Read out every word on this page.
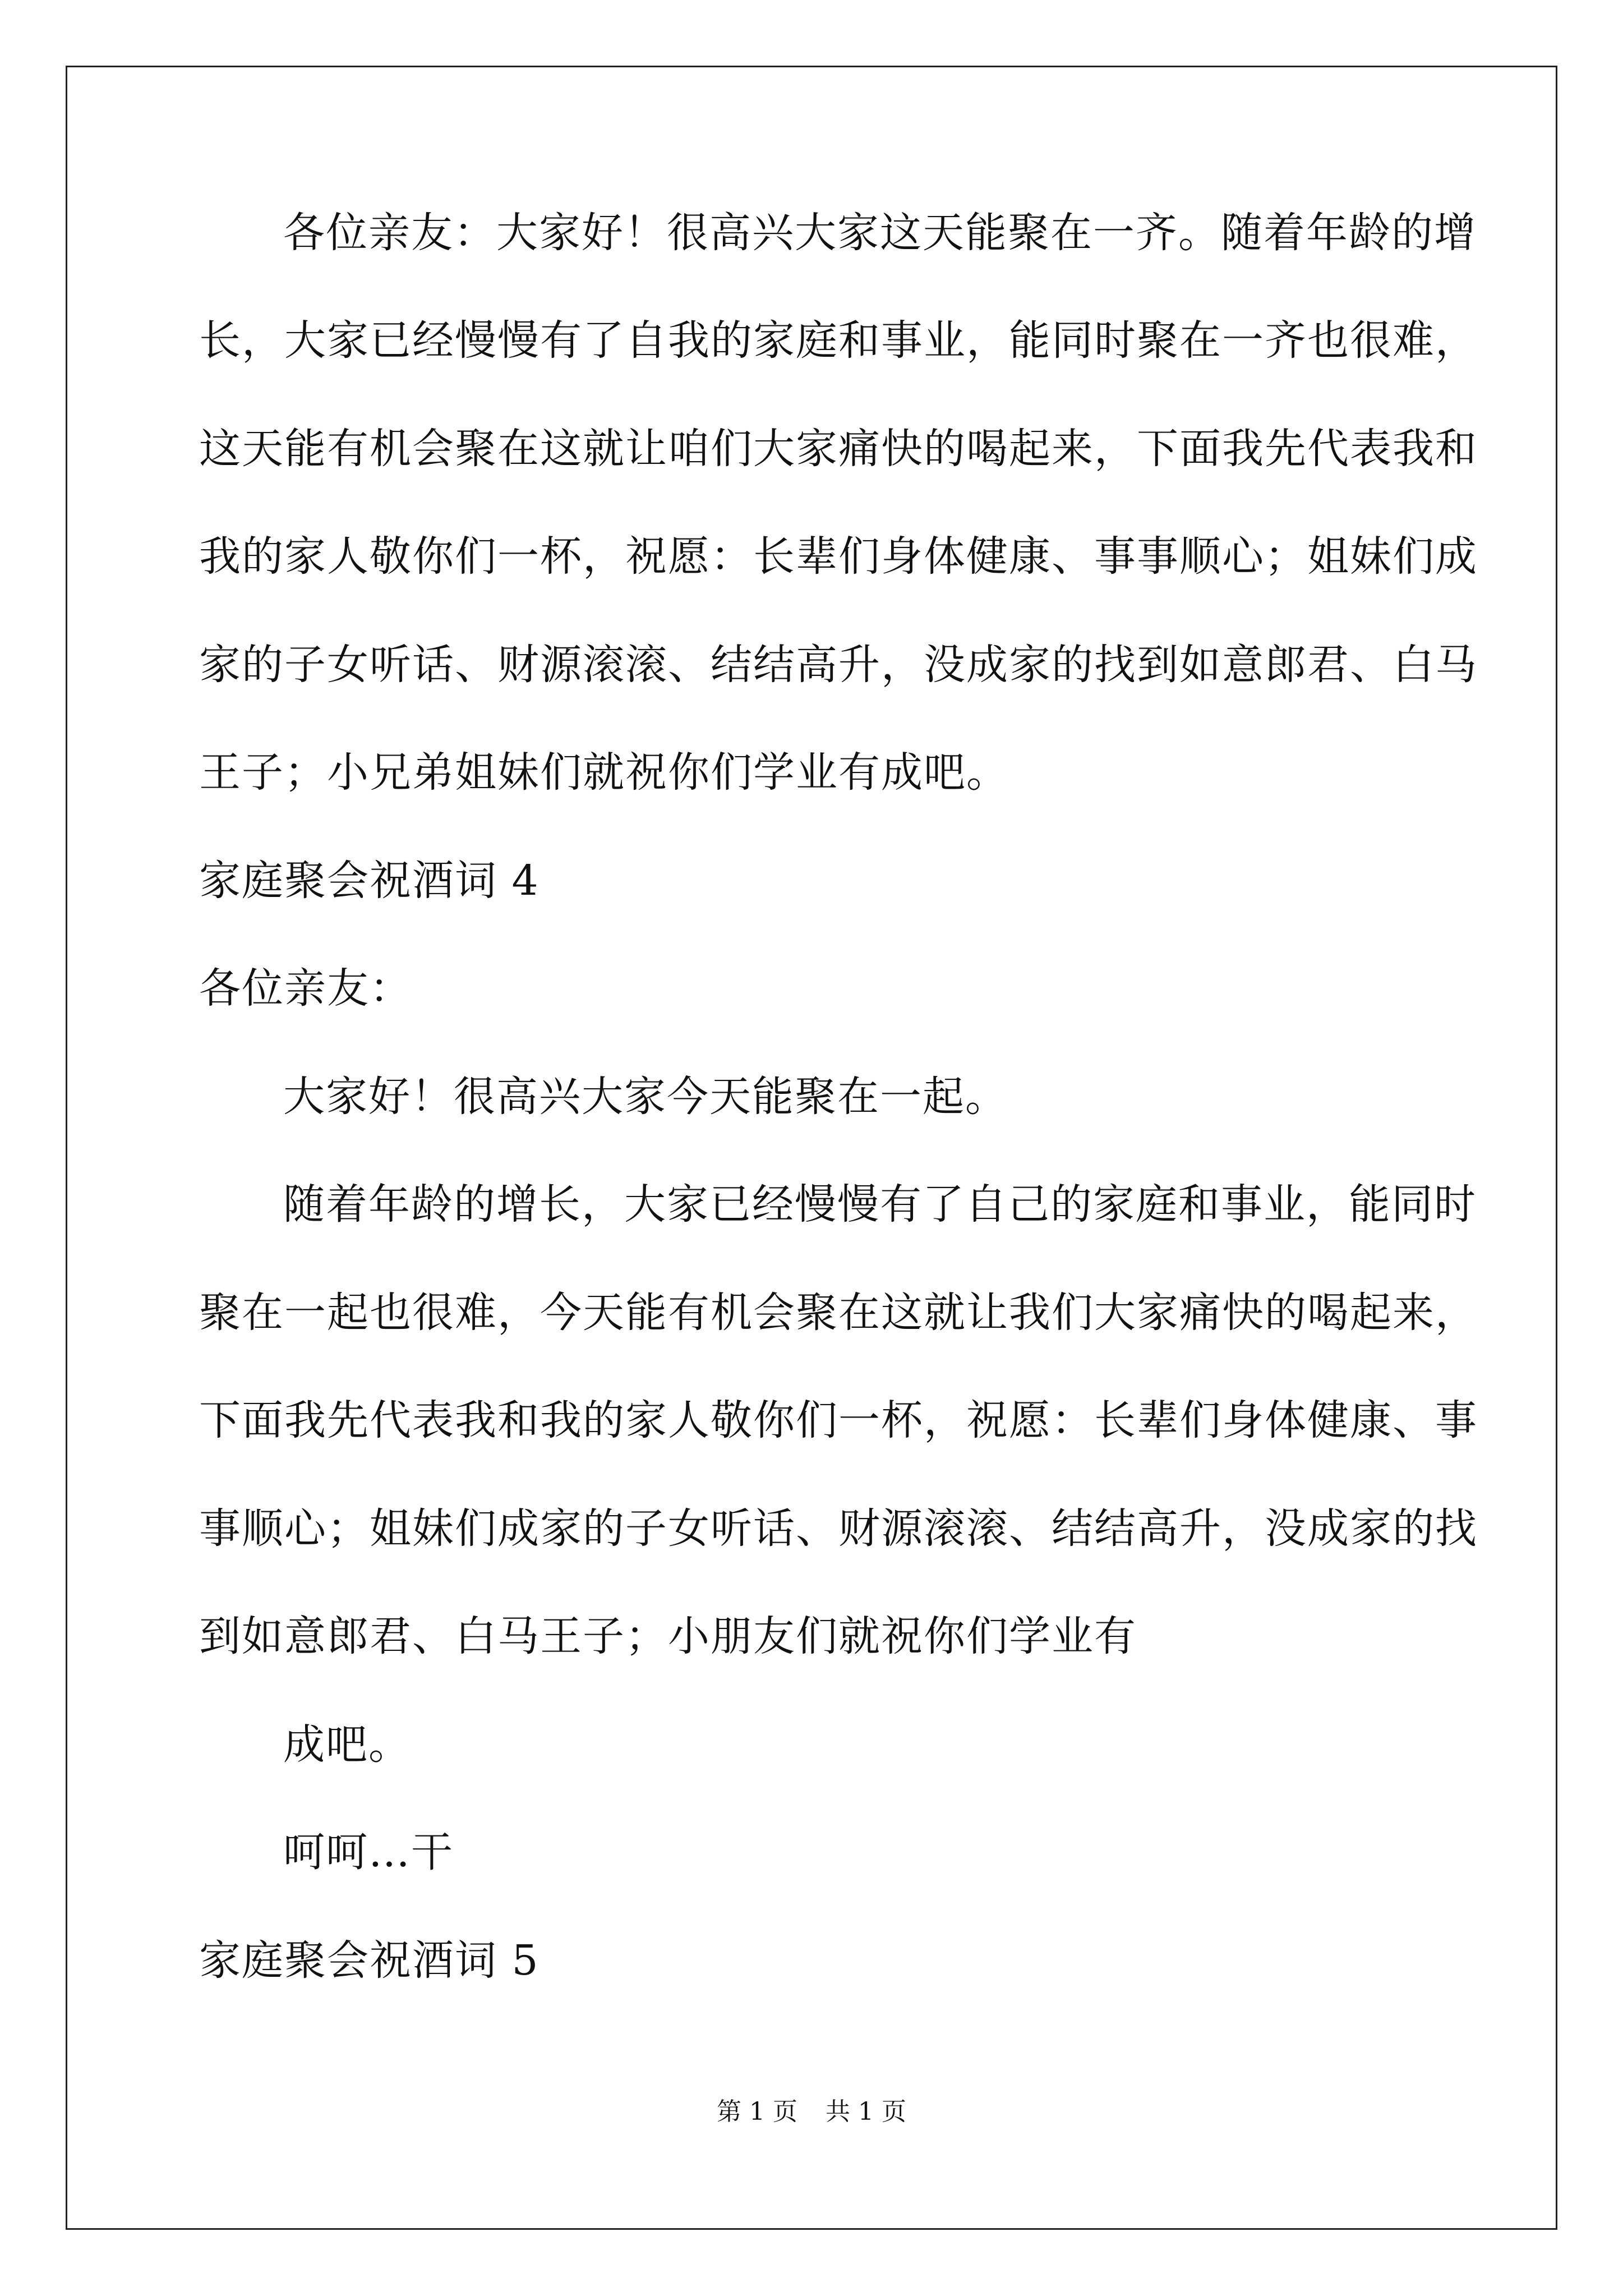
各位亲友：大家好！很高兴大家这天能聚在一齐。随着年龄的增
长，大家已经慢慢有了自我的家庭和事业，能同时聚在一齐也很难，
这天能有机会聚在这就让咱们大家痛快的喝起来，下面我先代表我和
我的家人敬你们一杯，祝愿：长辈们身体健康、事事顺心；姐妹们成
家的子女听话、财源滚滚、结结高升，没成家的找到如意郎君、白马
王子；小兄弟姐妹们就祝你们学业有成吧。
家庭聚会祝酒词 4
各位亲友：
大家好！很高兴大家今天能聚在一起。
随着年龄的增长，大家已经慢慢有了自己的家庭和事业，能同时
聚在一起也很难，今天能有机会聚在这就让我们大家痛快的喝起来，
下面我先代表我和我的家人敬你们一杯，祝愿：长辈们身体健康、事
事顺心；姐妹们成家的子女听话、财源滚滚、结结高升，没成家的找
到如意郎君、白马王子；小朋友们就祝你们学业有
成吧。
呵呵…干
家庭聚会祝酒词 5
第 1 页 共 1 页
